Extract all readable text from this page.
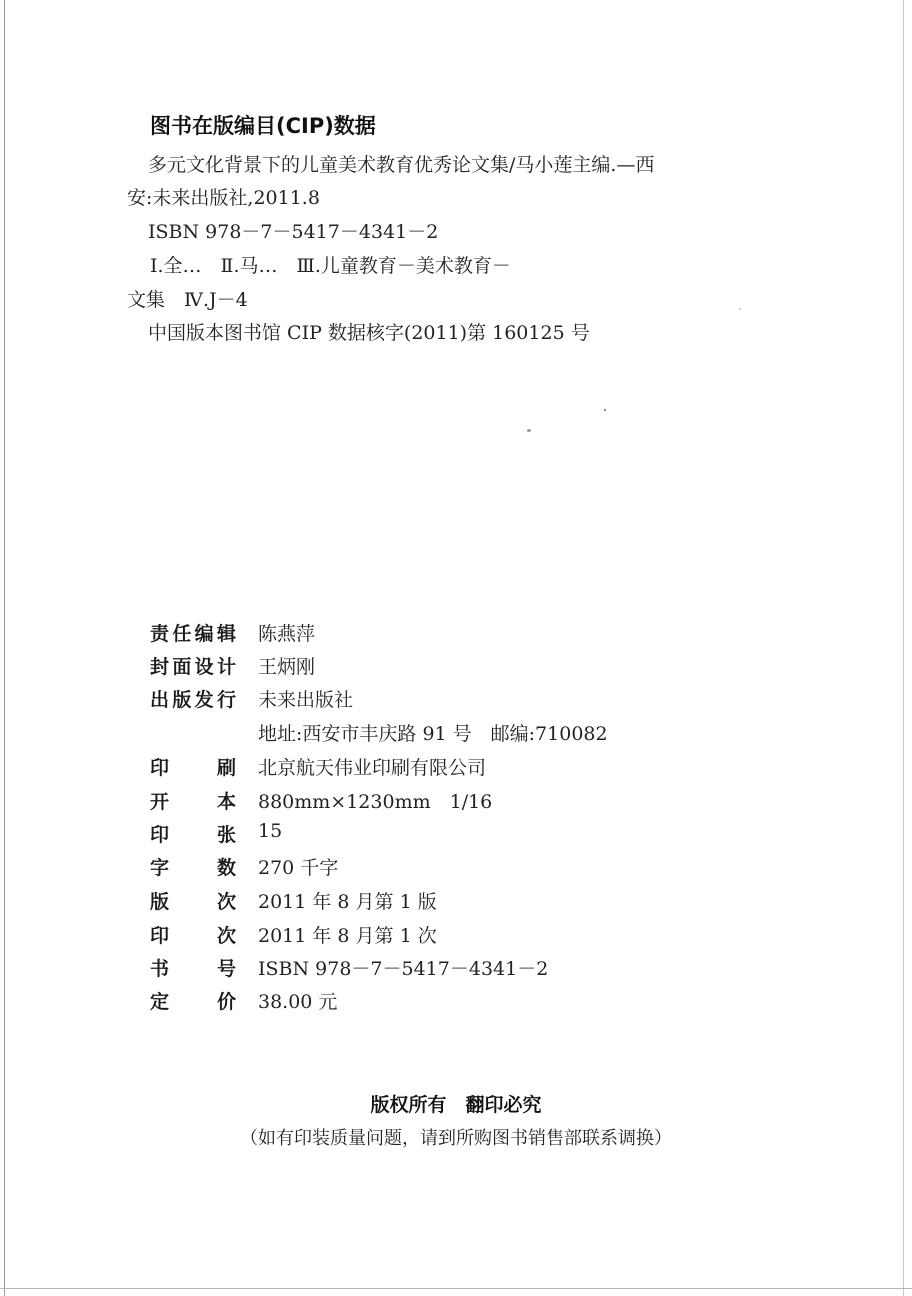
图书在版编目(CIP)数据
多元文化背景下的儿童美术教育优秀论文集/马小莲主编.—西
安:未来出版社,2011.8
ISBN 978－7－5417－4341－2
Ⅰ.全…　Ⅱ.马…　Ⅲ.儿童教育－美术教育－
文集　Ⅳ.J－4
中国版本图书馆 CIP 数据核字(2011)第 160125 号
责任编辑 陈燕萍
封面设计 王炳刚
出版发行 未来出版社
地址:西安市丰庆路 91 号　邮编:710082
印刷 北京航天伟业印刷有限公司
开本 880mm×1230mm　1/16
印张 15
字数 270 千字
版次 2011 年 8 月第 1 版
印次 2011 年 8 月第 1 次
书号 ISBN 978－7－5417－4341－2
定价 38.00 元
版权所有　翻印必究
（如有印装质量问题，请到所购图书销售部联系调换）
